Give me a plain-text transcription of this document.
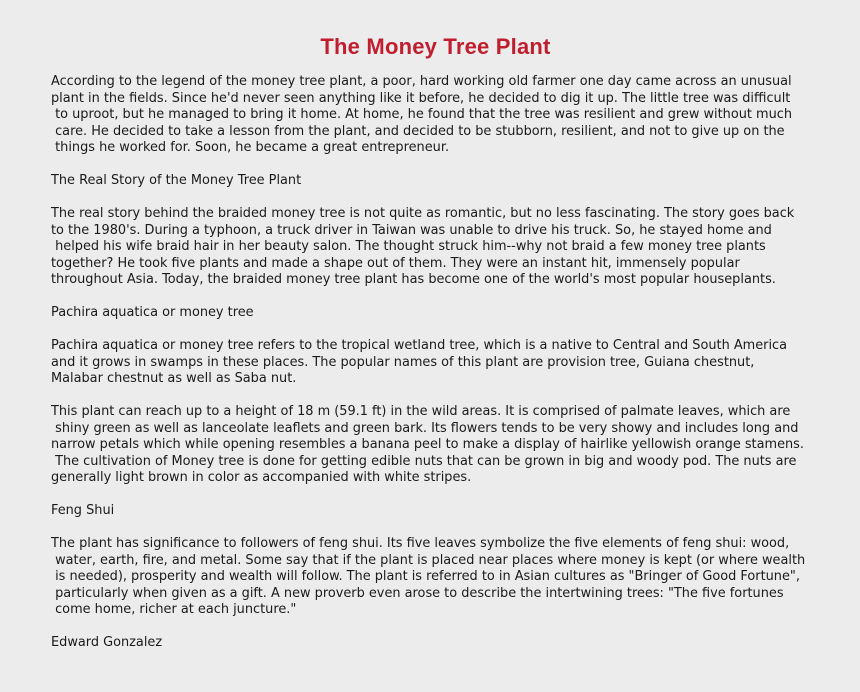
The Money Tree Plant
According to the legend of the money tree plant, a poor, hard working old farmer one day came across an unusual
plant in the fields. Since he'd never seen anything like it before, he decided to dig it up. The little tree was difficult
to uproot, but he managed to bring it home. At home, he found that the tree was resilient and grew without much
care. He decided to take a lesson from the plant, and decided to be stubborn, resilient, and not to give up on the
things he worked for. Soon, he became a great entrepreneur.
The Real Story of the Money Tree Plant
The real story behind the braided money tree is not quite as romantic, but no less fascinating. The story goes back
to the 1980's. During a typhoon, a truck driver in Taiwan was unable to drive his truck. So, he stayed home and
helped his wife braid hair in her beauty salon. The thought struck him--why not braid a few money tree plants
together? He took five plants and made a shape out of them. They were an instant hit, immensely popular
throughout Asia. Today, the braided money tree plant has become one of the world's most popular houseplants.
Pachira aquatica or money tree
Pachira aquatica or money tree refers to the tropical wetland tree, which is a native to Central and South America
and it grows in swamps in these places. The popular names of this plant are provision tree, Guiana chestnut,
Malabar chestnut as well as Saba nut.
This plant can reach up to a height of 18 m (59.1 ft) in the wild areas. It is comprised of palmate leaves, which are
shiny green as well as lanceolate leaflets and green bark. Its flowers tends to be very showy and includes long and
narrow petals which while opening resembles a banana peel to make a display of hairlike yellowish orange stamens.
The cultivation of Money tree is done for getting edible nuts that can be grown in big and woody pod. The nuts are
generally light brown in color as accompanied with white stripes.
Feng Shui
The plant has significance to followers of feng shui. Its five leaves symbolize the five elements of feng shui: wood,
water, earth, fire, and metal. Some say that if the plant is placed near places where money is kept (or where wealth
is needed), prosperity and wealth will follow. The plant is referred to in Asian cultures as "Bringer of Good Fortune",
particularly when given as a gift. A new proverb even arose to describe the intertwining trees: "The five fortunes
come home, richer at each juncture."
Edward Gonzalez
